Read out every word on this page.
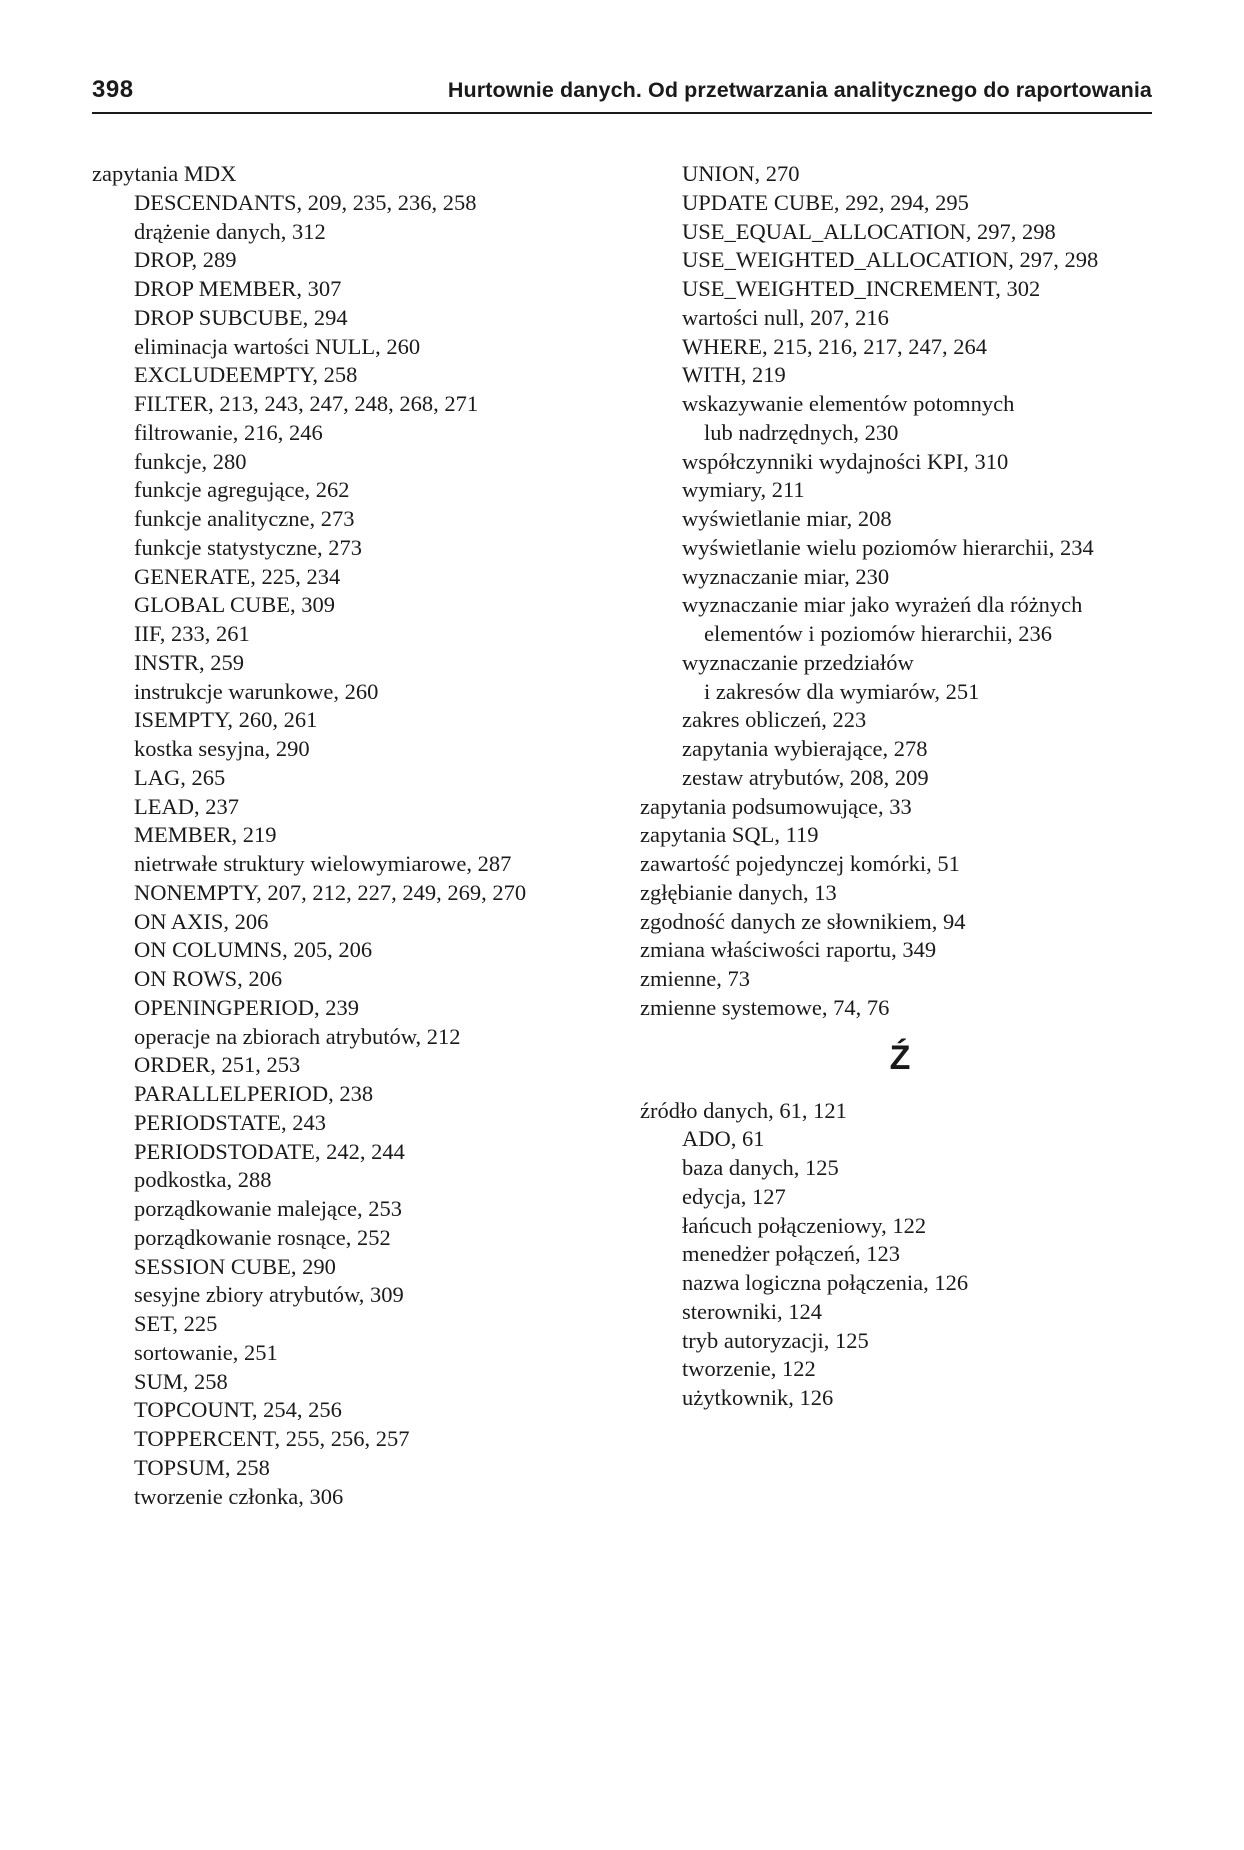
398	Hurtownie danych. Od przetwarzania analitycznego do raportowania
zapytania MDX
DESCENDANTS, 209, 235, 236, 258
drążenie danych, 312
DROP, 289
DROP MEMBER, 307
DROP SUBCUBE, 294
eliminacja wartości NULL, 260
EXCLUDEEMPTY, 258
FILTER, 213, 243, 247, 248, 268, 271
filtrowanie, 216, 246
funkcje, 280
funkcje agregujące, 262
funkcje analityczne, 273
funkcje statystyczne, 273
GENERATE, 225, 234
GLOBAL CUBE, 309
IIF, 233, 261
INSTR, 259
instrukcje warunkowe, 260
ISEMPTY, 260, 261
kostka sesyjna, 290
LAG, 265
LEAD, 237
MEMBER, 219
nietrwałe struktury wielowymiarowe, 287
NONEMPTY, 207, 212, 227, 249, 269, 270
ON AXIS, 206
ON COLUMNS, 205, 206
ON ROWS, 206
OPENINGPERIOD, 239
operacje na zbiorach atrybutów, 212
ORDER, 251, 253
PARALLELPERIOD, 238
PERIODSTATE, 243
PERIODSTODATE, 242, 244
podkostka, 288
porządkowanie malejące, 253
porządkowanie rosnące, 252
SESSION CUBE, 290
sesyjne zbiory atrybutów, 309
SET, 225
sortowanie, 251
SUM, 258
TOPCOUNT, 254, 256
TOPPERCENT, 255, 256, 257
TOPSUM, 258
tworzenie członka, 306
UNION, 270
UPDATE CUBE, 292, 294, 295
USE_EQUAL_ALLOCATION, 297, 298
USE_WEIGHTED_ALLOCATION, 297, 298
USE_WEIGHTED_INCREMENT, 302
wartości null, 207, 216
WHERE, 215, 216, 217, 247, 264
WITH, 219
wskazywanie elementów potomnych
lub nadrzędnych, 230
współczynniki wydajności KPI, 310
wymiary, 211
wyświetlanie miar, 208
wyświetlanie wielu poziomów hierarchii, 234
wyznaczanie miar, 230
wyznaczanie miar jako wyrażeń dla różnych
elementów i poziomów hierarchii, 236
wyznaczanie przedziałów
i zakresów dla wymiarów, 251
zakres obliczeń, 223
zapytania wybierające, 278
zestaw atrybutów, 208, 209
zapytania podsumowujące, 33
zapytania SQL, 119
zawartość pojedynczej komórki, 51
zgłębianie danych, 13
zgodność danych ze słownikiem, 94
zmiana właściwości raportu, 349
zmienne, 73
zmienne systemowe, 74, 76
Ź
źródło danych, 61, 121
ADO, 61
baza danych, 125
edycja, 127
łańcuch połączeniowy, 122
menedżer połączeń, 123
nazwa logiczna połączenia, 126
sterowniki, 124
tryb autoryzacji, 125
tworzenie, 122
użytkownik, 126
